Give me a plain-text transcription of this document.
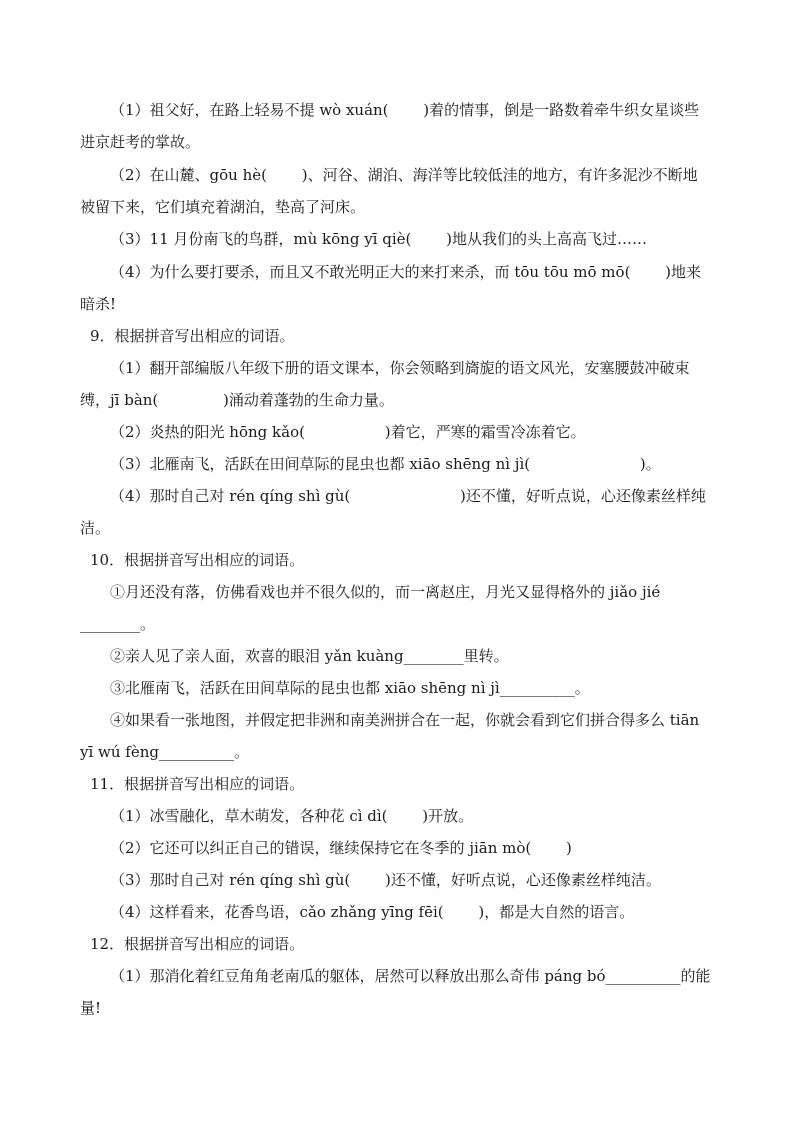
（1）祖父好，在路上轻易不提 wò xuán(　　 )着的情事，倒是一路数着牵牛织女星谈些
进京赶考的掌故。
（2）在山麓、gōu hè(　　 )、河谷、湖泊、海洋等比较低洼的地方，有许多泥沙不断地
被留下来，它们填充着湖泊，垫高了河床。
（3）11 月份南飞的鸟群，mù kōng yī qiè(　　 )地从我们的头上高高飞过……
（4）为什么要打要杀，而且又不敢光明正大的来打来杀，而 tōu tōu mō mō(　　 )地来
暗杀!
9．根据拼音写出相应的词语。
（1）翻开部编版八年级下册的语文课本，你会领略到旖旎的语文风光，安塞腰鼓冲破束
缚，jī bàn(　　　　 )涌动着蓬勃的生命力量。
（2）炎热的阳光 hōng kǎo(　　　　　 )着它，严寒的霜雪冷冻着它。
（3）北雁南飞，活跃在田间草际的昆虫也都 xiāo shēng nì jì(　　　　　　　 )。
（4）那时自己对 rén qíng shì gù(　　　　　　　 )还不懂，好听点说，心还像素丝样纯
洁。
10．根据拼音写出相应的词语。
①月还没有落，仿佛看戏也并不很久似的，而一离赵庄，月光又显得格外的 jiǎo jié
________。
②亲人见了亲人面，欢喜的眼泪 yǎn kuàng________里转。
③北雁南飞，活跃在田间草际的昆虫也都 xiāo shēng nì jì__________。
④如果看一张地图，并假定把非洲和南美洲拼合在一起，你就会看到它们拼合得多么 tiān
yī wú fèng__________。
11．根据拼音写出相应的词语。
（1）冰雪融化，草木萌发，各种花 cì dì(　　 )开放。
（2）它还可以纠正自己的错误，继续保持它在冬季的 jiān mò(　　 )
（3）那时自己对 rén qíng shì gù(　　 )还不懂，好听点说，心还像素丝样纯洁。
（4）这样看来，花香鸟语，cǎo zhǎng yīng fēi(　　 )，都是大自然的语言。
12．根据拼音写出相应的词语。
（1）那消化着红豆角角老南瓜的躯体，居然可以释放出那么奇伟 páng bó__________的能
量!
